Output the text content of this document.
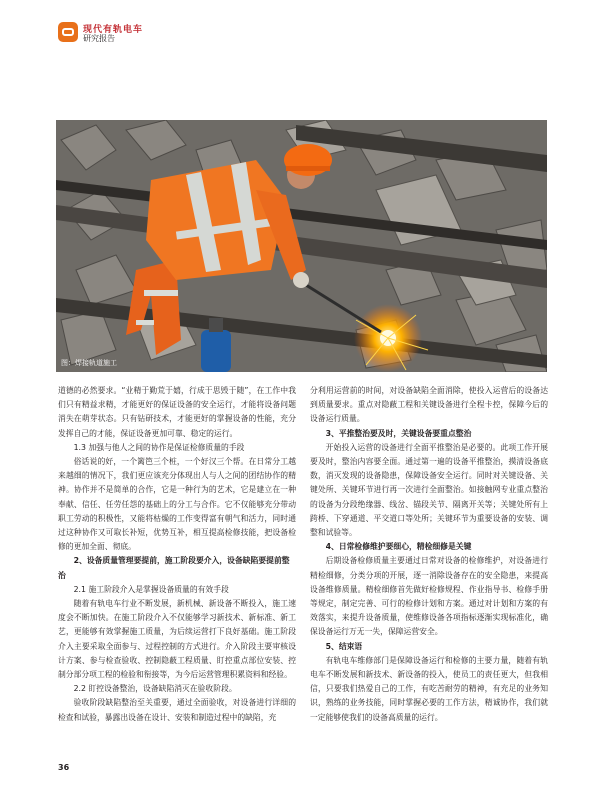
现代有轨电车
研究报告
图：焊接轨道施工

道德的必然要求。“业精于勤荒于嬉，行成于思毁于随”，在工作中我们只有精益求精，才能更好的保证设备的安全运行，才能将设备问题消失在萌芽状态。只有钻研技术，才能更好的掌握设备的性能，充分发挥自己的才能，保证设备更加可靠、稳定的运行。

1.3 加强与他人之间的协作是保证检修质量的手段

俗话说的好，一个篱笆三个桩，一个好汉三个帮。在日常分工越来越细的情况下，我们更应该充分体现出人与人之间的团结协作的精神。协作并不是简单的合作，它是一种行为的艺术，它是建立在一种奉献、信任、任劳任怨的基础上的分工与合作。它不仅能够充分带动职工劳动的积极性，又能将枯燥的工作变得富有朝气和活力，同时通过这种协作又可取长补短，优势互补，相互提高检修技能，把设备检修的更加全面、彻底。

2、设备质量管理要提前，施工阶段要介入，设备缺陷要提前整治

2.1 施工阶段介入是掌握设备质量的有效手段

随着有轨电车行业不断发展，新机械、新设备不断投入，施工速度会不断加快。在施工阶段介入不仅能够学习新技术、新标准、新工艺，更能够有效掌握施工质量，为后续运营打下良好基础。施工阶段介入主要采取全面参与、过程控制的方式进行。介入阶段主要审核设计方案、参与检查验收、控制隐蔽工程质量、盯控重点部位安装、控制分部分项工程的检验和衔接等，为今后运营管理积累资料和经验。

2.2 盯控设备整治，设备缺陷消灭在验收阶段。

验收阶段缺陷整治至关重要，通过全面验收，对设备进行详细的检查和试验，暴露出设备在设计、安装和制造过程中的缺陷，充

分利用运营前的时间，对设备缺陷全面消除，使投入运营后的设备达到质量要求。重点对隐蔽工程和关键设备进行全程卡控，保障今后的设备运行质量。

3、平推整治要及时，关键设备要重点整治

开始投入运营的设备进行全面平推整治是必要的。此项工作开展要及时，整治内容要全面。通过第一遍的设备平推整治，摸清设备底数，消灭发现的设备隐患，保障设备安全运行。同时对关键设备、关键处所、关键环节进行再一次进行全面整治。如接触网专业重点整治的设备为分段绝缘器、线岔、锚段关节、隔离开关等；关键处所有上跨桥、下穿通道、平交道口等处所；关键环节为重要设备的安装、调整和试验等。

4、日常检修维护要细心，精检细修是关键

后期设备检修质量主要通过日常对设备的检修维护，对设备进行精检细修，分类分项的开展，逐一消除设备存在的安全隐患，来提高设备维修质量。精检细修首先做好检修规程、作业指导书、检修手册等规定，制定完善、可行的检修计划和方案。通过对计划和方案的有效落实，来提升设备质量，使维修设备各项指标逐渐实现标准化，确保设备运行万无一失，保障运营安全。

5、结束语

有轨电车维修部门是保障设备运行和检修的主要力量，随着有轨电车不断发展和新技术、新设备的投入，使员工的责任更大，但我相信，只要我们热爱自己的工作，有吃苦耐劳的精神，有充足的业务知识，熟练的业务技能，同时掌握必要的工作方法，精诚协作，我们就一定能够使我们的设备高质量的运行。

36
